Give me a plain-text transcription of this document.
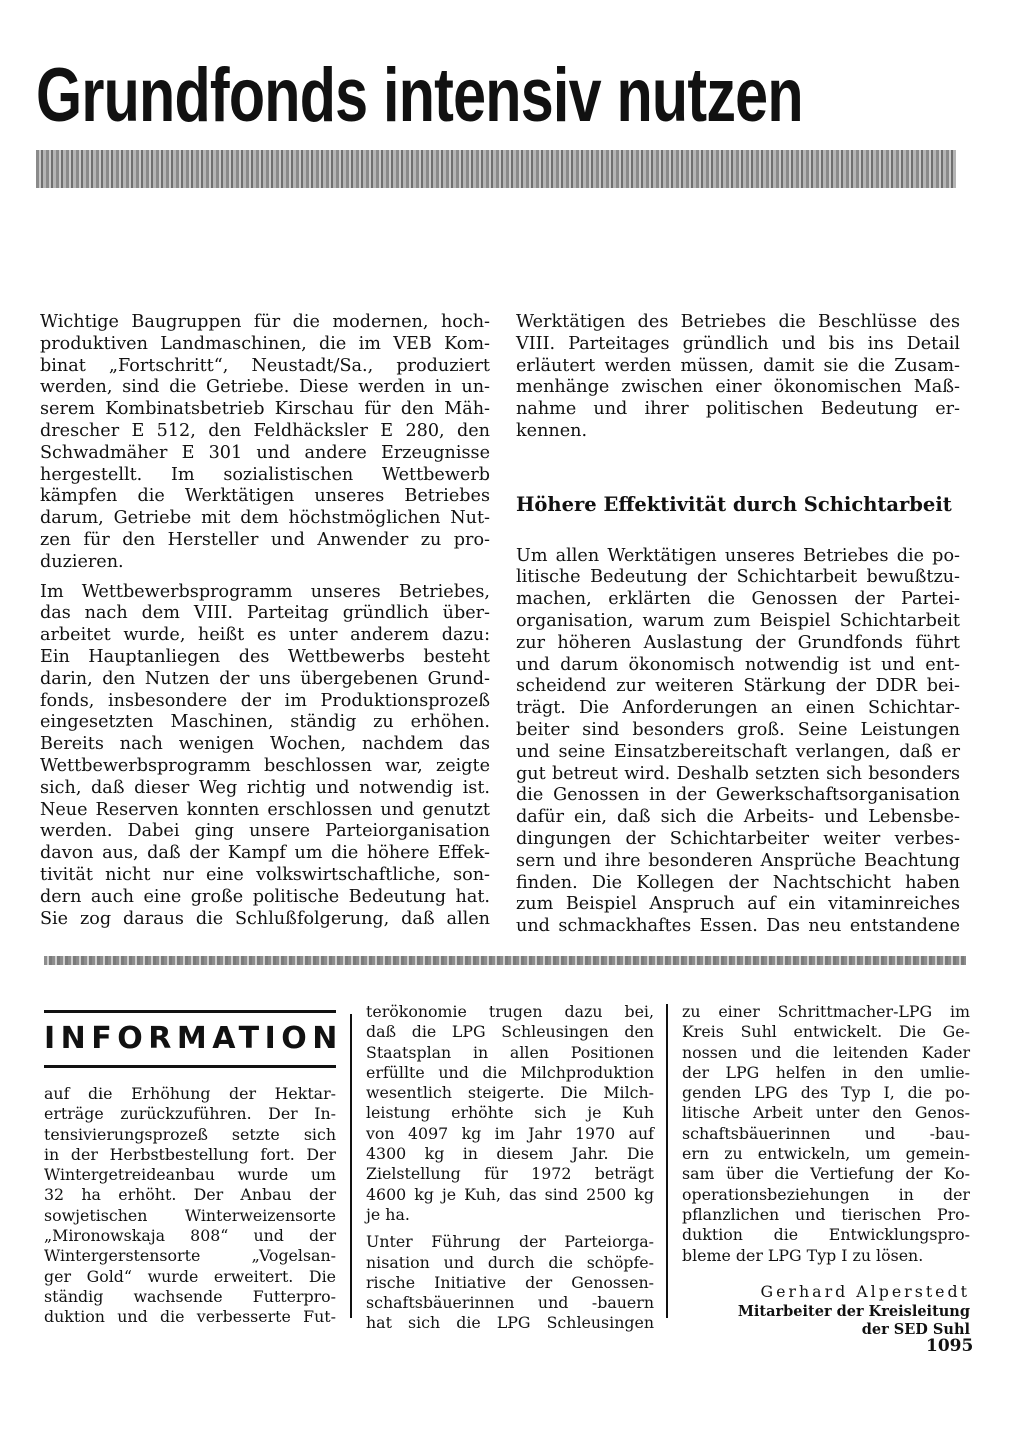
Grundfonds intensiv nutzen

Wichtige Baugruppen für die modernen, hoch-
produktiven Landmaschinen, die im VEB Kom-
binat „Fortschritt“, Neustadt/Sa., produziert
werden, sind die Getriebe. Diese werden in un-
serem Kombinatsbetrieb Kirschau für den Mäh-
drescher E 512, den Feldhäcksler E 280, den
Schwadmäher E 301 und andere Erzeugnisse
hergestellt. Im sozialistischen Wettbewerb
kämpfen die Werktätigen unseres Betriebes
darum, Getriebe mit dem höchstmöglichen Nut-
zen für den Hersteller und Anwender zu pro-
duzieren.

Im Wettbewerbsprogramm unseres Betriebes,
das nach dem VIII. Parteitag gründlich über-
arbeitet wurde, heißt es unter anderem dazu:
Ein Hauptanliegen des Wettbewerbs besteht
darin, den Nutzen der uns übergebenen Grund-
fonds, insbesondere der im Produktionsprozeß
eingesetzten Maschinen, ständig zu erhöhen.
Bereits nach wenigen Wochen, nachdem das
Wettbewerbsprogramm beschlossen war, zeigte
sich, daß dieser Weg richtig und notwendig ist.
Neue Reserven konnten erschlossen und genutzt
werden. Dabei ging unsere Parteiorganisation
davon aus, daß der Kampf um die höhere Effek-
tivität nicht nur eine volkswirtschaftliche, son-
dern auch eine große politische Bedeutung hat.
Sie zog daraus die Schlußfolgerung, daß allen

Werktätigen des Betriebes die Beschlüsse des
VIII. Parteitages gründlich und bis ins Detail
erläutert werden müssen, damit sie die Zusam-
menhänge zwischen einer ökonomischen Maß-
nahme und ihrer politischen Bedeutung er-
kennen.

Höhere Effektivität durch Schichtarbeit

Um allen Werktätigen unseres Betriebes die po-
litische Bedeutung der Schichtarbeit bewußtzu-
machen, erklärten die Genossen der Partei-
organisation, warum zum Beispiel Schichtarbeit
zur höheren Auslastung der Grundfonds führt
und darum ökonomisch notwendig ist und ent-
scheidend zur weiteren Stärkung der DDR bei-
trägt. Die Anforderungen an einen Schichtar-
beiter sind besonders groß. Seine Leistungen
und seine Einsatzbereitschaft verlangen, daß er
gut betreut wird. Deshalb setzten sich besonders
die Genossen in der Gewerkschaftsorganisation
dafür ein, daß sich die Arbeits- und Lebensbe-
dingungen der Schichtarbeiter weiter verbes-
sern und ihre besonderen Ansprüche Beachtung
finden. Die Kollegen der Nachtschicht haben
zum Beispiel Anspruch auf ein vitaminreiches
und schmackhaftes Essen. Das neu entstandene

INFORMATION

auf die Erhöhung der Hektar-
erträge zurückzuführen. Der In-
tensivierungsprozeß setzte sich
in der Herbstbestellung fort. Der
Wintergetreideanbau wurde um
32 ha erhöht. Der Anbau der
sowjetischen Winterweizensorte
„Mironowskaja 808“ und der
Wintergerstensorte „Vogelsan-
ger Gold“ wurde erweitert. Die
ständig wachsende Futterpro-
duktion und die verbesserte Fut-

terökonomie trugen dazu bei,
daß die LPG Schleusingen den
Staatsplan in allen Positionen
erfüllte und die Milchproduktion
wesentlich steigerte. Die Milch-
leistung erhöhte sich je Kuh
von 4097 kg im Jahr 1970 auf
4300 kg in diesem Jahr. Die
Zielstellung für 1972 beträgt
4600 kg je Kuh, das sind 2500 kg
je ha.

Unter Führung der Parteiorga-
nisation und durch die schöpfe-
rische Initiative der Genossen-
schaftsbäuerinnen und -bauern
hat sich die LPG Schleusingen

zu einer Schrittmacher-LPG im
Kreis Suhl entwickelt. Die Ge-
nossen und die leitenden Kader
der LPG helfen in den umlie-
genden LPG des Typ I, die po-
litische Arbeit unter den Genos-
schaftsbäuerinnen und -bau-
ern zu entwickeln, um gemein-
sam über die Vertiefung der Ko-
operationsbeziehungen in der
pflanzlichen und tierischen Pro-
duktion die Entwicklungspro-
bleme der LPG Typ I zu lösen.

Gerhard Alperstedt
Mitarbeiter der Kreisleitung
der SED Suhl
1095
